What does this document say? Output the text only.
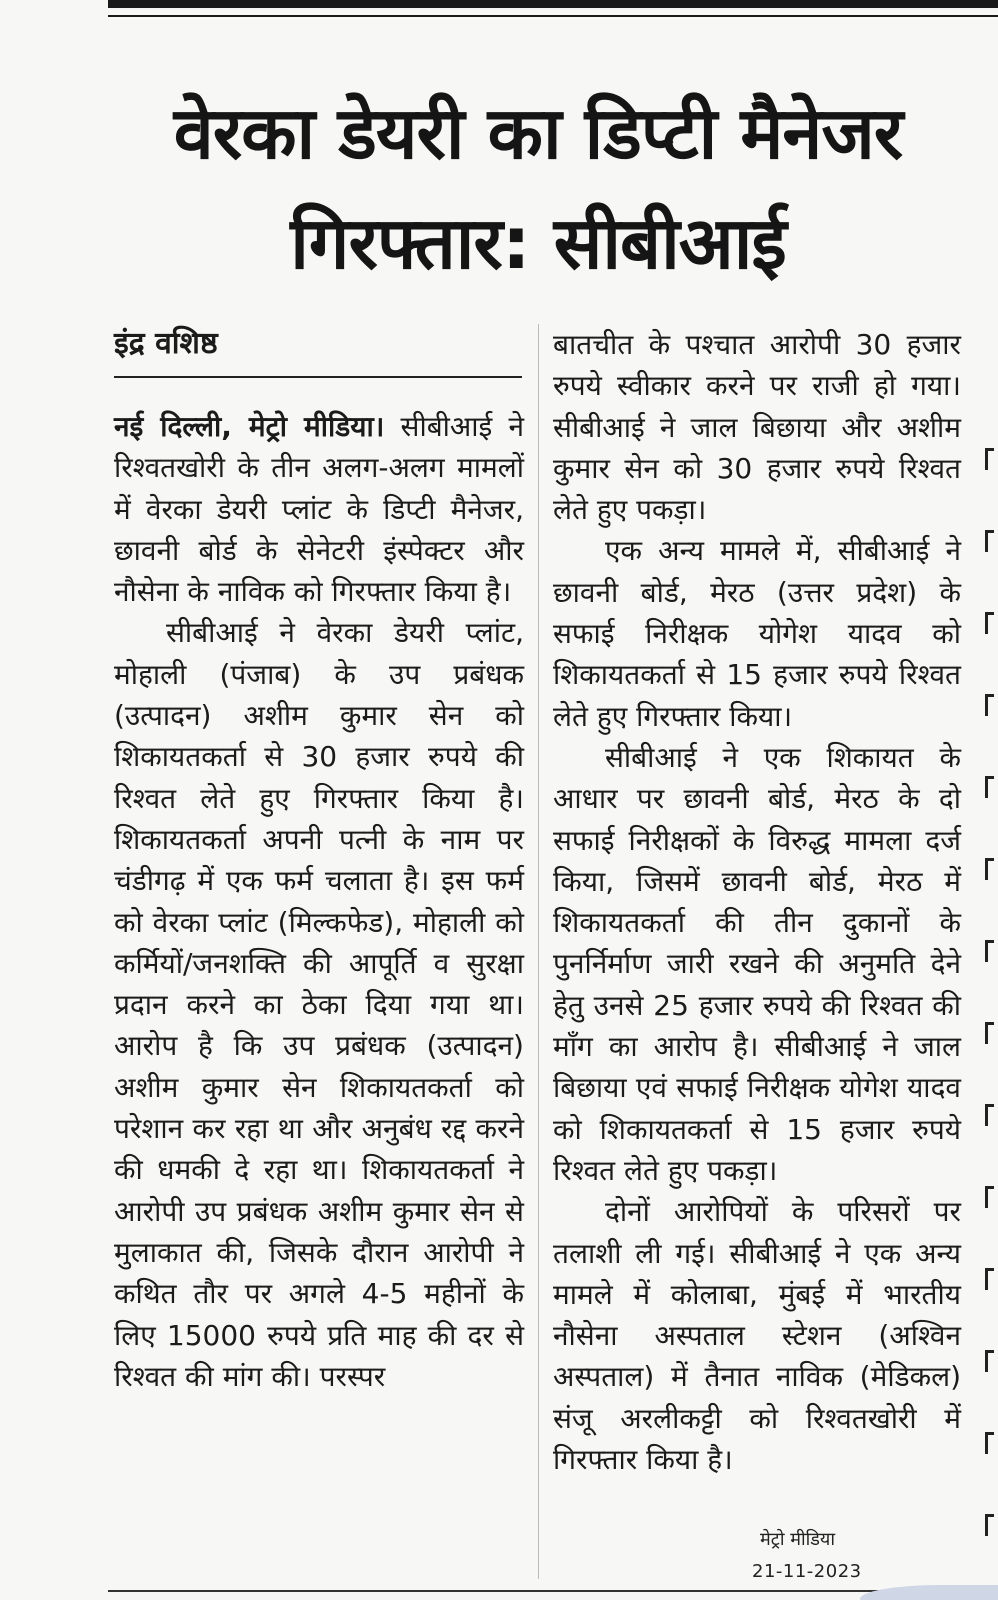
वेरका डेयरी का डिप्टी मैनेजर गिरफ्तार: सीबीआई

इंद्र वशिष्ठ

नई दिल्ली, मेट्रो मीडिया। सीबीआई ने रिश्वतखोरी के तीन अलग-अलग मामलों में वेरका डेयरी प्लांट के डिप्टी मैनेजर, छावनी बोर्ड के सेनेटरी इंस्पेक्टर और नौसेना के नाविक को गिरफ्तार किया है।

सीबीआई ने वेरका डेयरी प्लांट, मोहाली (पंजाब) के उप प्रबंधक (उत्पादन) अशीम कुमार सेन को शिकायतकर्ता से 30 हजार रुपये की रिश्वत लेते हुए गिरफ्तार किया है। शिकायतकर्ता अपनी पत्नी के नाम पर चंडीगढ़ में एक फर्म चलाता है। इस फर्म को वेरका प्लांट (मिल्कफेड), मोहाली को कर्मियों/जनशक्ति की आपूर्ति व सुरक्षा प्रदान करने का ठेका दिया गया था। आरोप है कि उप प्रबंधक (उत्पादन) अशीम कुमार सेन शिकायतकर्ता को परेशान कर रहा था और अनुबंध रद्द करने की धमकी दे रहा था। शिकायतकर्ता ने आरोपी उप प्रबंधक अशीम कुमार सेन से मुलाकात की, जिसके दौरान आरोपी ने कथित तौर पर अगले 4-5 महीनों के लिए 15000 रुपये प्रति माह की दर से रिश्वत की मांग की। परस्पर

बातचीत के पश्चात आरोपी 30 हजार रुपये स्वीकार करने पर राजी हो गया। सीबीआई ने जाल बिछाया और अशीम कुमार सेन को 30 हजार रुपये रिश्वत लेते हुए पकड़ा।

एक अन्य मामले में, सीबीआई ने छावनी बोर्ड, मेरठ (उत्तर प्रदेश) के सफाई निरीक्षक योगेश यादव को शिकायतकर्ता से 15 हजार रुपये रिश्वत लेते हुए गिरफ्तार किया।

सीबीआई ने एक शिकायत के आधार पर छावनी बोर्ड, मेरठ के दो सफाई निरीक्षकों के विरुद्ध मामला दर्ज किया, जिसमें छावनी बोर्ड, मेरठ में शिकायतकर्ता की तीन दुकानों के पुनर्निर्माण जारी रखने की अनुमति देने हेतु उनसे 25 हजार रुपये की रिश्वत की माँग का आरोप है। सीबीआई ने जाल बिछाया एवं सफाई निरीक्षक योगेश यादव को शिकायतकर्ता से 15 हजार रुपये रिश्वत लेते हुए पकड़ा।

दोनों आरोपियों के परिसरों पर तलाशी ली गई। सीबीआई ने एक अन्य मामले में कोलाबा, मुंबई में भारतीय नौसेना अस्पताल स्टेशन (अश्विन अस्पताल) में तैनात नाविक (मेडिकल) संजू अरलीकट्टी को रिश्वतखोरी में गिरफ्तार किया है।

मेट्रो मीडिया

21-11-2023
